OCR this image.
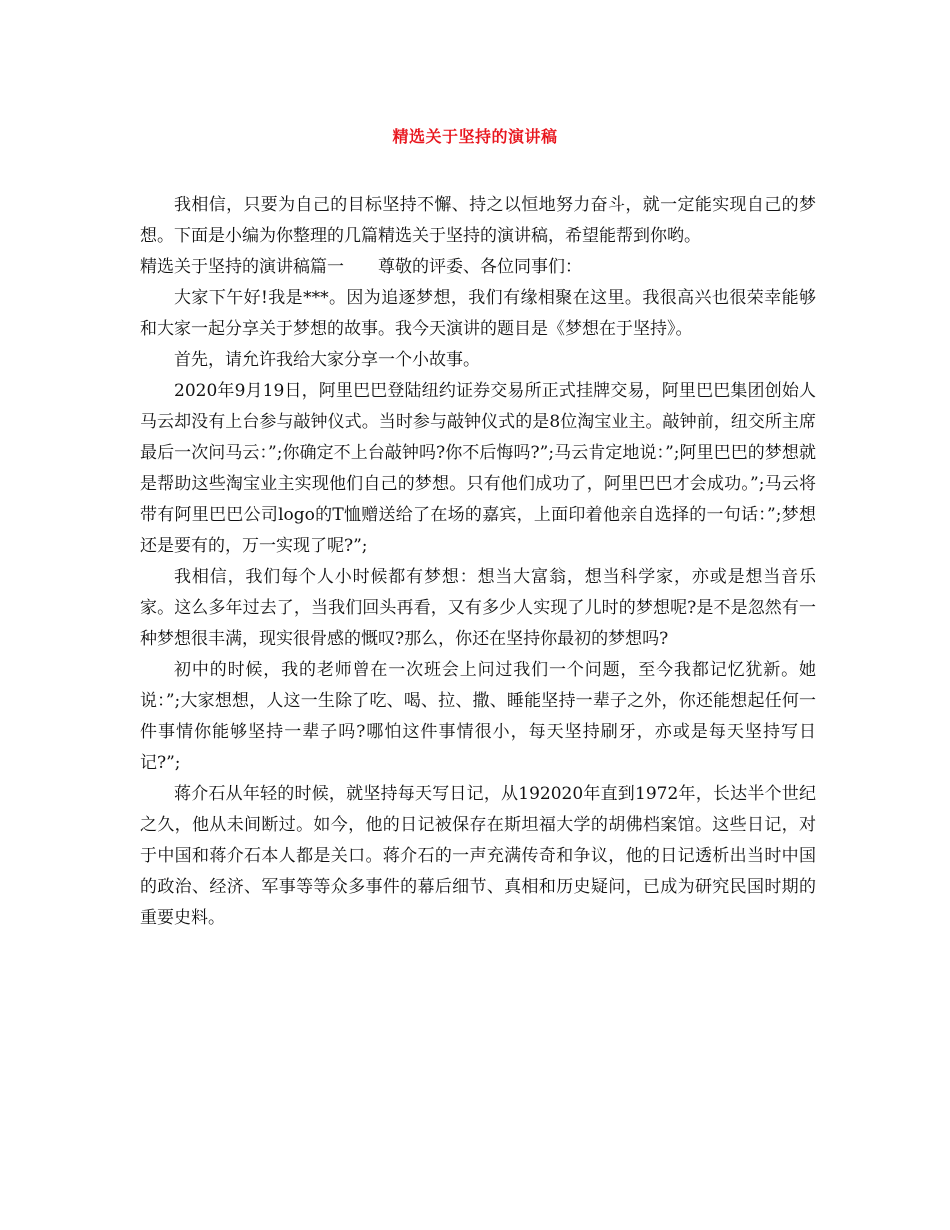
精选关于坚持的演讲稿

我相信，只要为自己的目标坚持不懈、持之以恒地努力奋斗，就一定能实现自己的梦想。下面是小编为你整理的几篇精选关于坚持的演讲稿，希望能帮到你哟。

精选关于坚持的演讲稿篇一 尊敬的评委、各位同事们：

大家下午好!我是***。因为追逐梦想，我们有缘相聚在这里。我很高兴也很荣幸能够和大家一起分享关于梦想的故事。我今天演讲的题目是《梦想在于坚持》。

首先，请允许我给大家分享一个小故事。

2020年9月19日，阿里巴巴登陆纽约证券交易所正式挂牌交易，阿里巴巴集团创始人马云却没有上台参与敲钟仪式。当时参与敲钟仪式的是8位淘宝业主。敲钟前，纽交所主席最后一次问马云：”;你确定不上台敲钟吗?你不后悔吗?”;马云肯定地说：”;阿里巴巴的梦想就是帮助这些淘宝业主实现他们自己的梦想。只有他们成功了，阿里巴巴才会成功。”;马云将带有阿里巴巴公司logo的T恤赠送给了在场的嘉宾，上面印着他亲自选择的一句话：”;梦想还是要有的，万一实现了呢?”;

我相信，我们每个人小时候都有梦想：想当大富翁，想当科学家，亦或是想当音乐家。这么多年过去了，当我们回头再看，又有多少人实现了儿时的梦想呢?是不是忽然有一种梦想很丰满，现实很骨感的慨叹?那么，你还在坚持你最初的梦想吗?

初中的时候，我的老师曾在一次班会上问过我们一个问题，至今我都记忆犹新。她说：”;大家想想，人这一生除了吃、喝、拉、撒、睡能坚持一辈子之外，你还能想起任何一件事情你能够坚持一辈子吗?哪怕这件事情很小，每天坚持刷牙，亦或是每天坚持写日记?”;

蒋介石从年轻的时候，就坚持每天写日记，从192020年直到1972年，长达半个世纪之久，他从未间断过。如今，他的日记被保存在斯坦福大学的胡佛档案馆。这些日记，对于中国和蒋介石本人都是关口。蒋介石的一声充满传奇和争议，他的日记透析出当时中国的政治、经济、军事等等众多事件的幕后细节、真相和历史疑问，已成为研究民国时期的重要史料。
